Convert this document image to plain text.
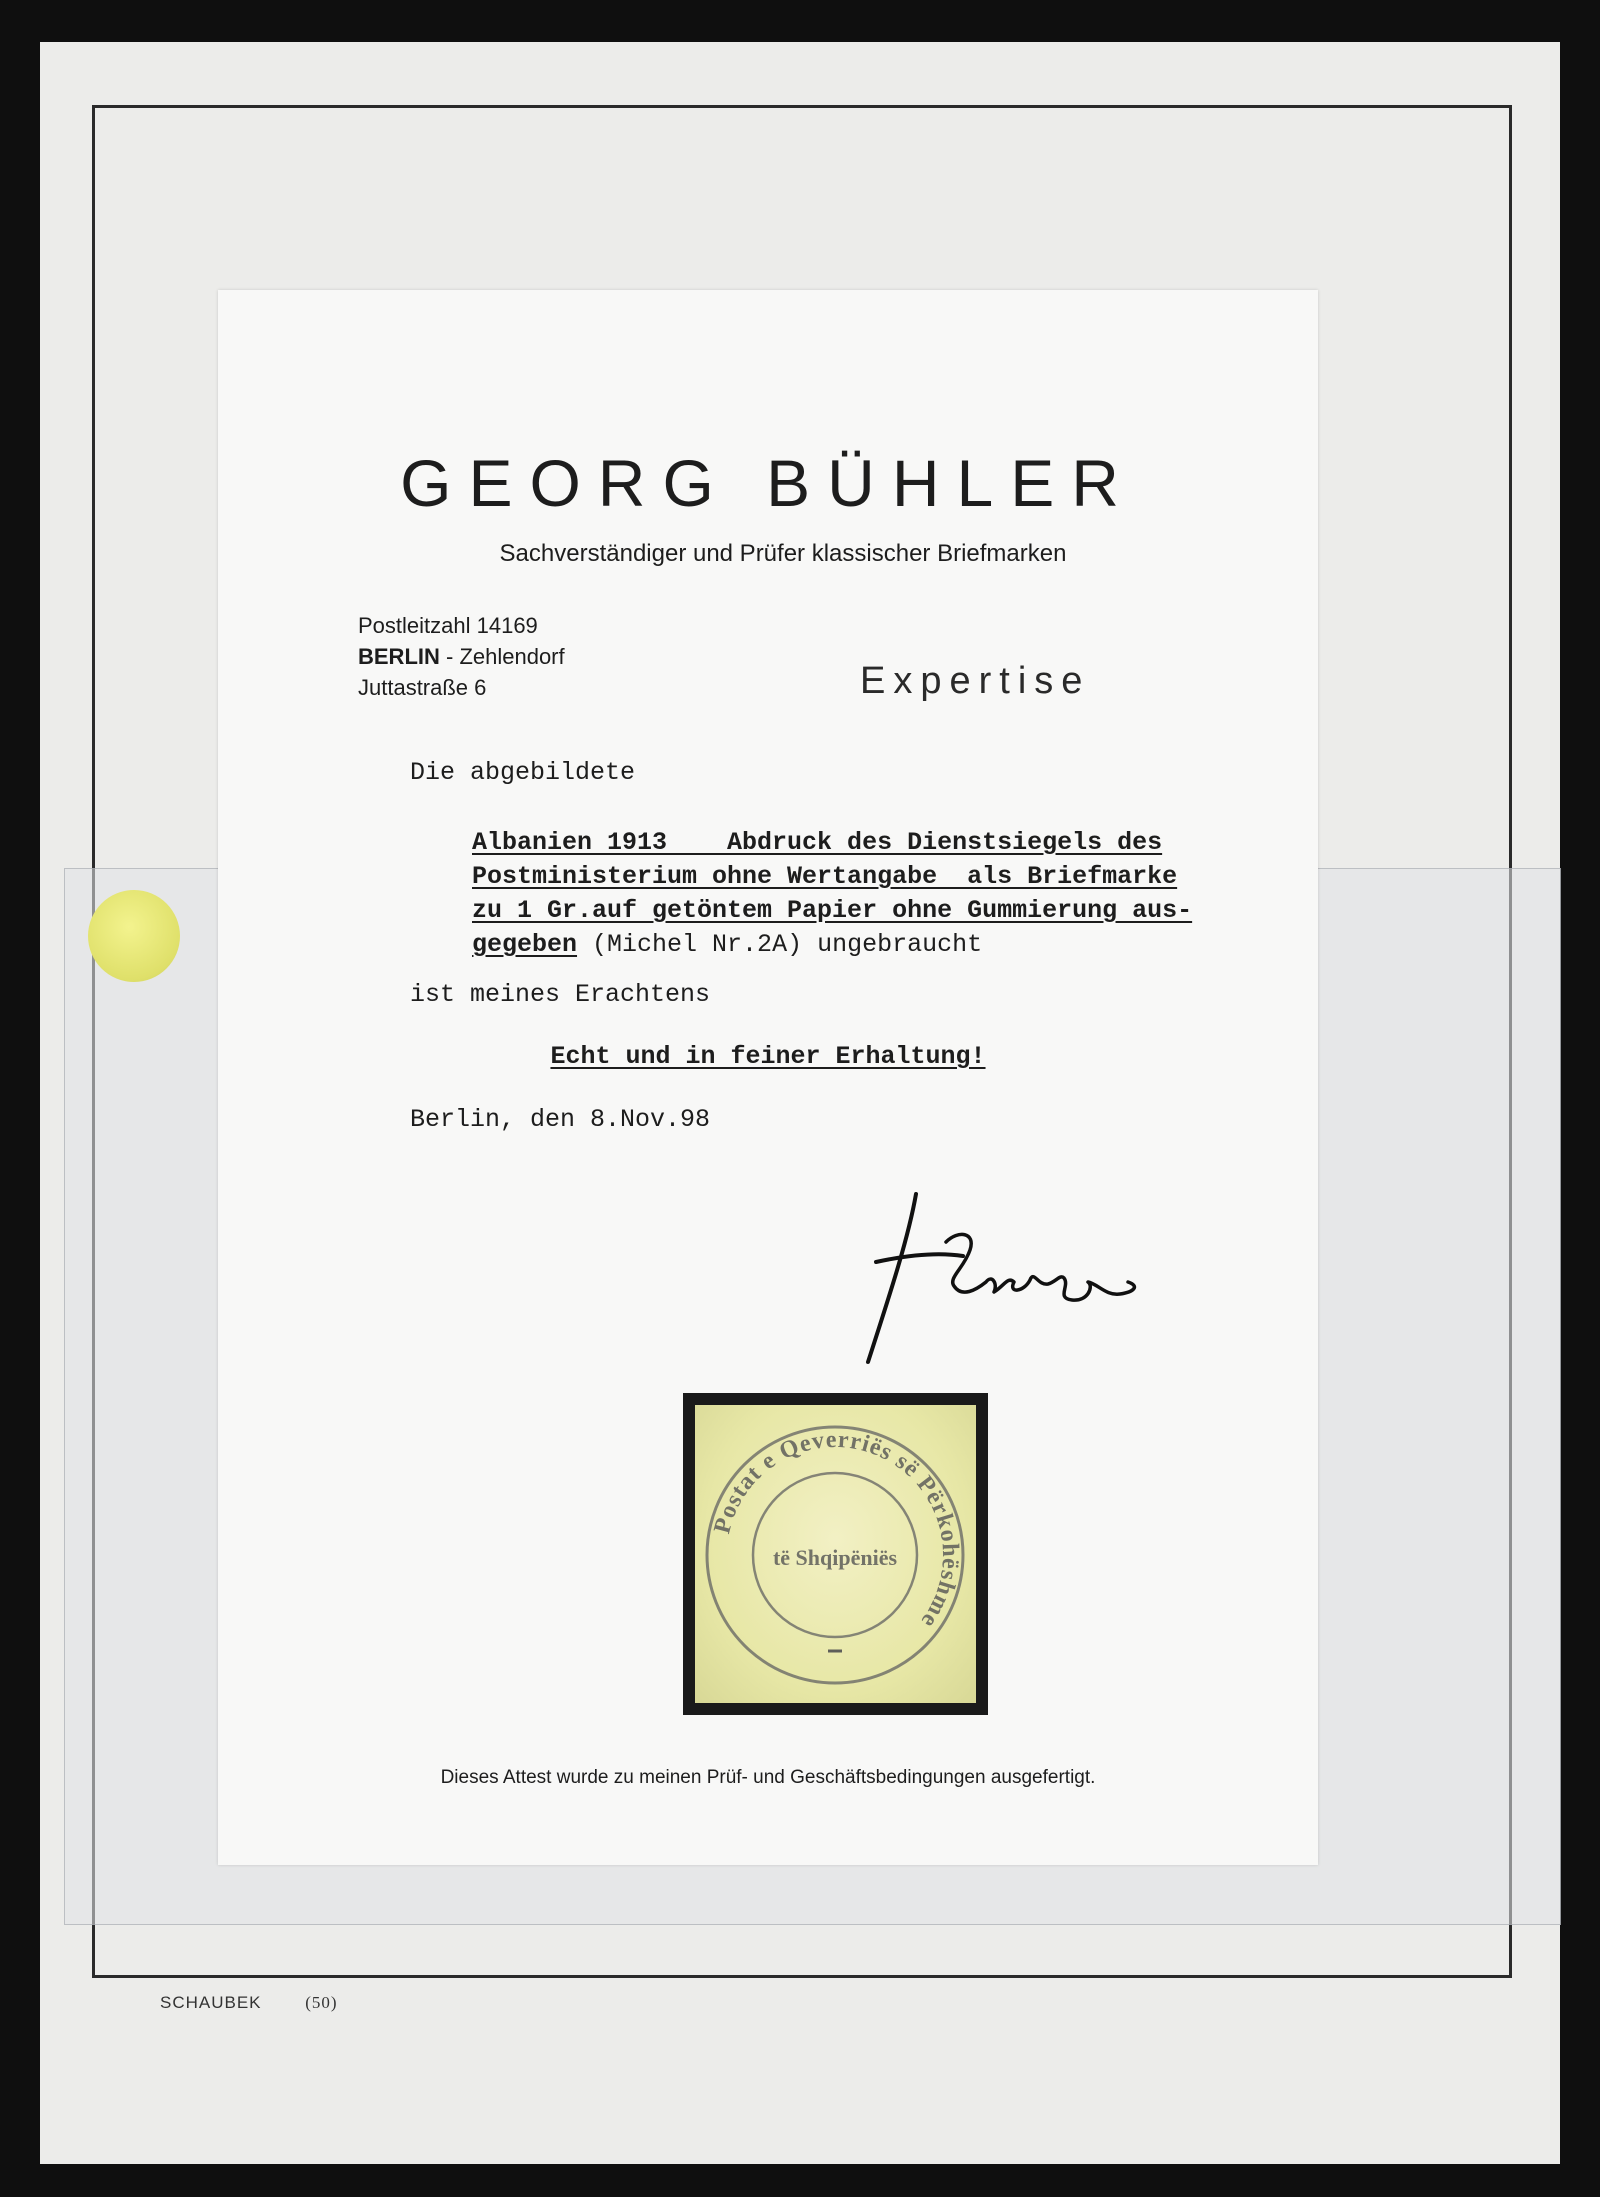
SCHAUBEK	(50)
GEORG BÜHLER

Sachverständiger und Prüfer klassischer Briefmarken

Postleitzahl 14169
BERLIN - Zehlendorf
Juttastraße 6	Expertise
Die abgebildete
Albanien 1913    Abdruck des Dienstsiegels des
Postministerium ohne Wertangabe  als Briefmarke
zu 1 Gr.auf getöntem Papier ohne Gummierung aus-
gegeben (Michel Nr.2A) ungebraucht
ist meines Erachtens
Echt und in feiner Erhaltung!
Berlin, den 8.Nov.98
Postat e Qeverriës së Përkohëshme
të Shqipëniës
Dieses Attest wurde zu meinen Prüf- und Geschäftsbedingungen ausgefertigt.
